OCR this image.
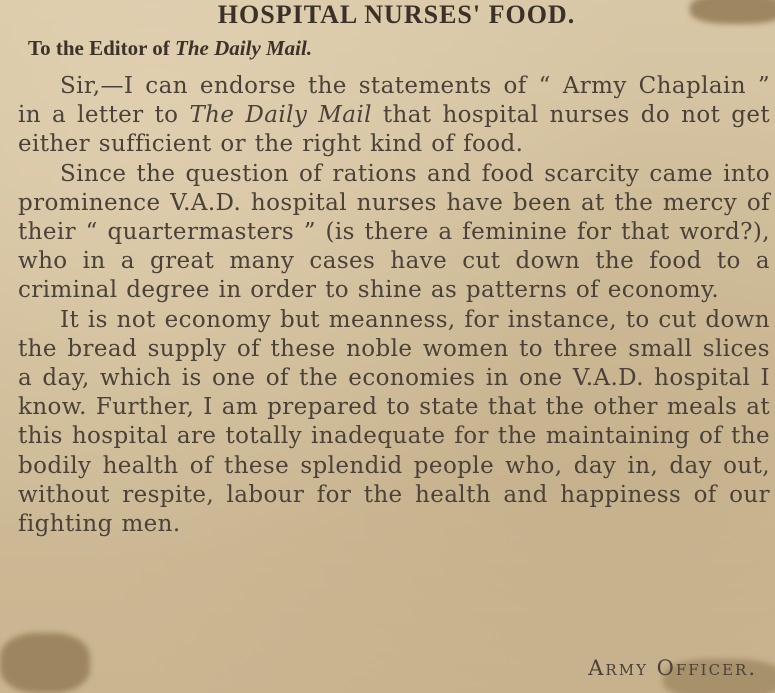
HOSPITAL NURSES' FOOD.
To the Editor of The Daily Mail.

Sir,—I can endorse the statements of “ Army Chaplain ” in a letter to The Daily Mail that hospital nurses do not get either sufficient or the right kind of food.

Since the question of rations and food scarcity came into prominence V.A.D. hospital nurses have been at the mercy of their “ quartermasters ” (is there a feminine for that word?), who in a great many cases have cut down the food to a criminal degree in order to shine as patterns of economy.

It is not economy but meanness, for instance, to cut down the bread supply of these noble women to three small slices a day, which is one of the economies in one V.A.D. hospital I know. Further, I am prepared to state that the other meals at this hospital are totally inadequate for the maintaining of the bodily health of these splendid people who, day in, day out, without respite, labour for the health and happiness of our fighting men.

Army Officer.
